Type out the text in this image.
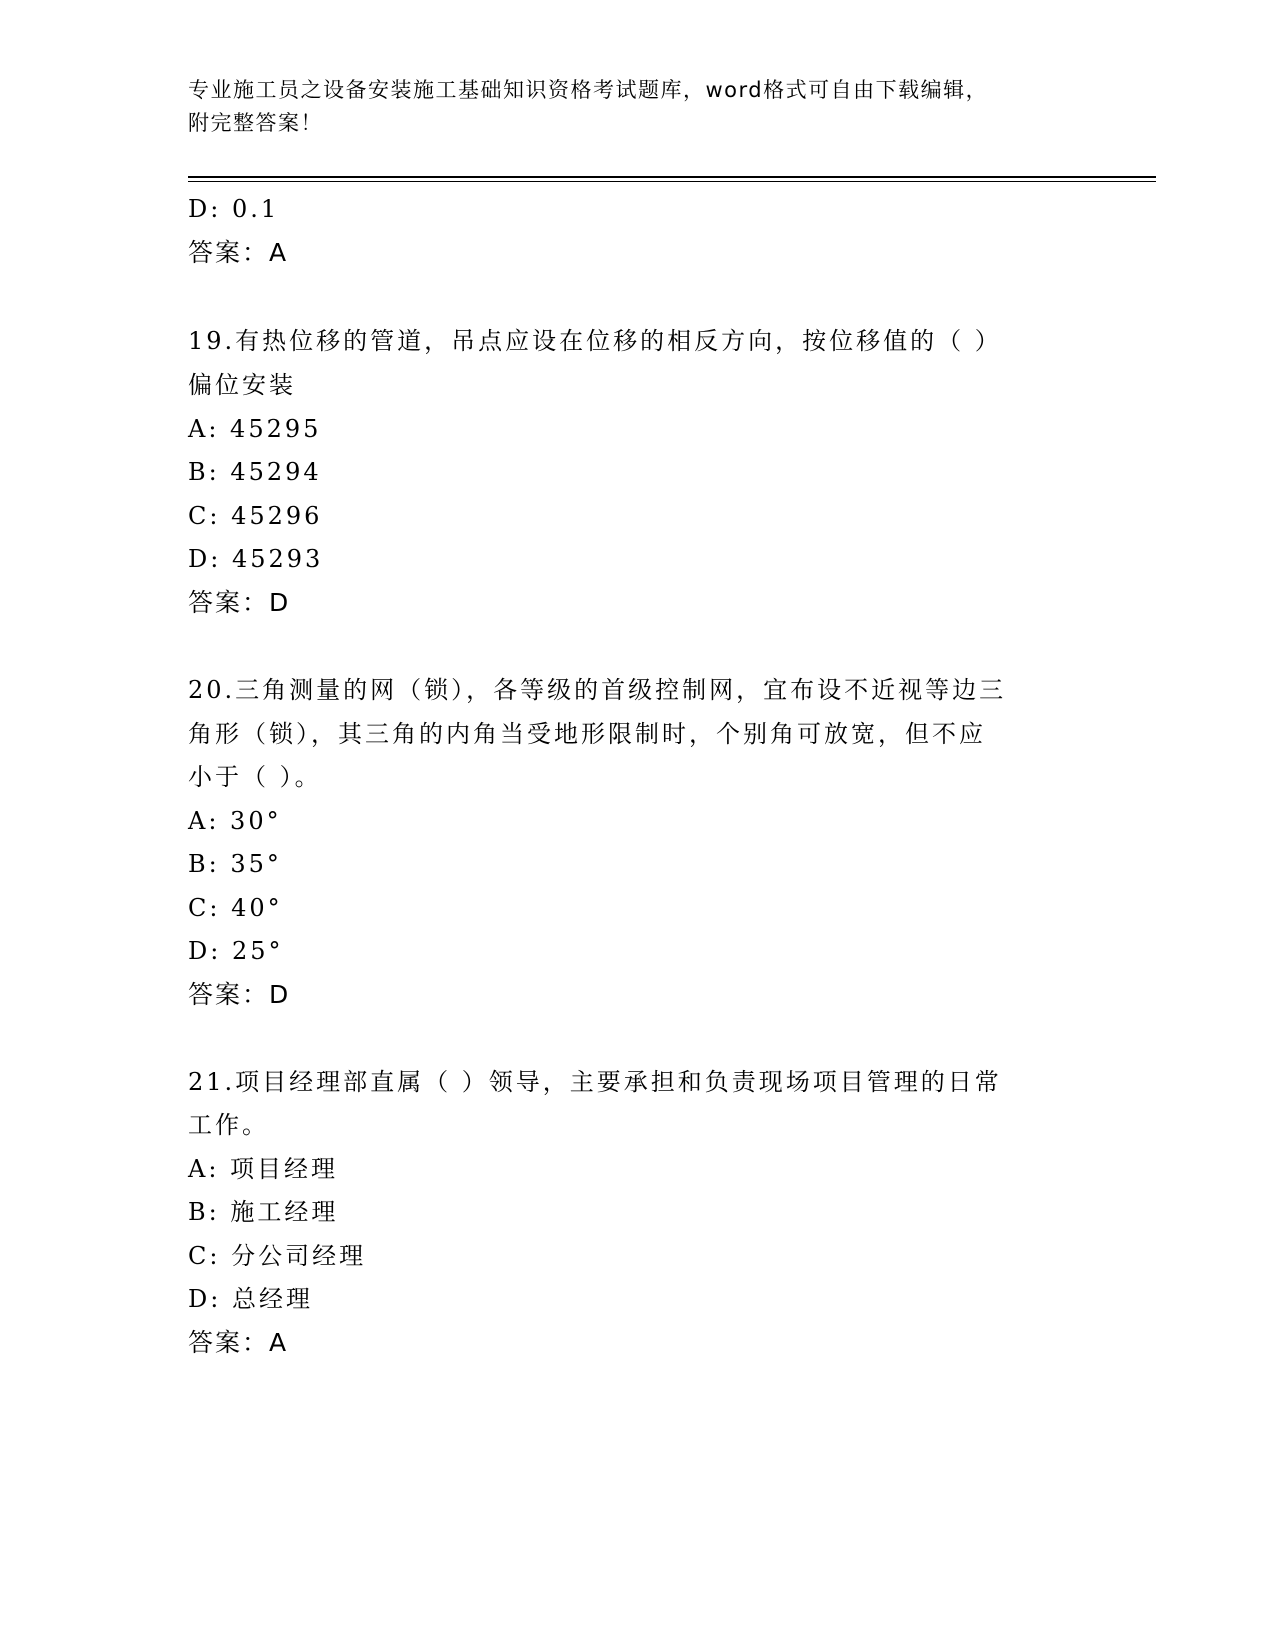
专业施工员之设备安装施工基础知识资格考试题库，word格式可自由下载编辑，
附完整答案！
D: 0.1
答案：A
19.有热位移的管道，吊点应设在位移的相反方向，按位移值的（ ）
偏位安装
A: 45295
B: 45294
C: 45296
D: 45293
答案：D
20.三角测量的网（锁），各等级的首级控制网，宜布设不近视等边三
角形（锁），其三角的内角当受地形限制时，个别角可放宽，但不应
小于（ ）。
A: 30°
B: 35°
C: 40°
D: 25°
答案：D
21.项目经理部直属（ ）领导，主要承担和负责现场项目管理的日常
工作。
A: 项目经理
B: 施工经理
C: 分公司经理
D: 总经理
答案：A
